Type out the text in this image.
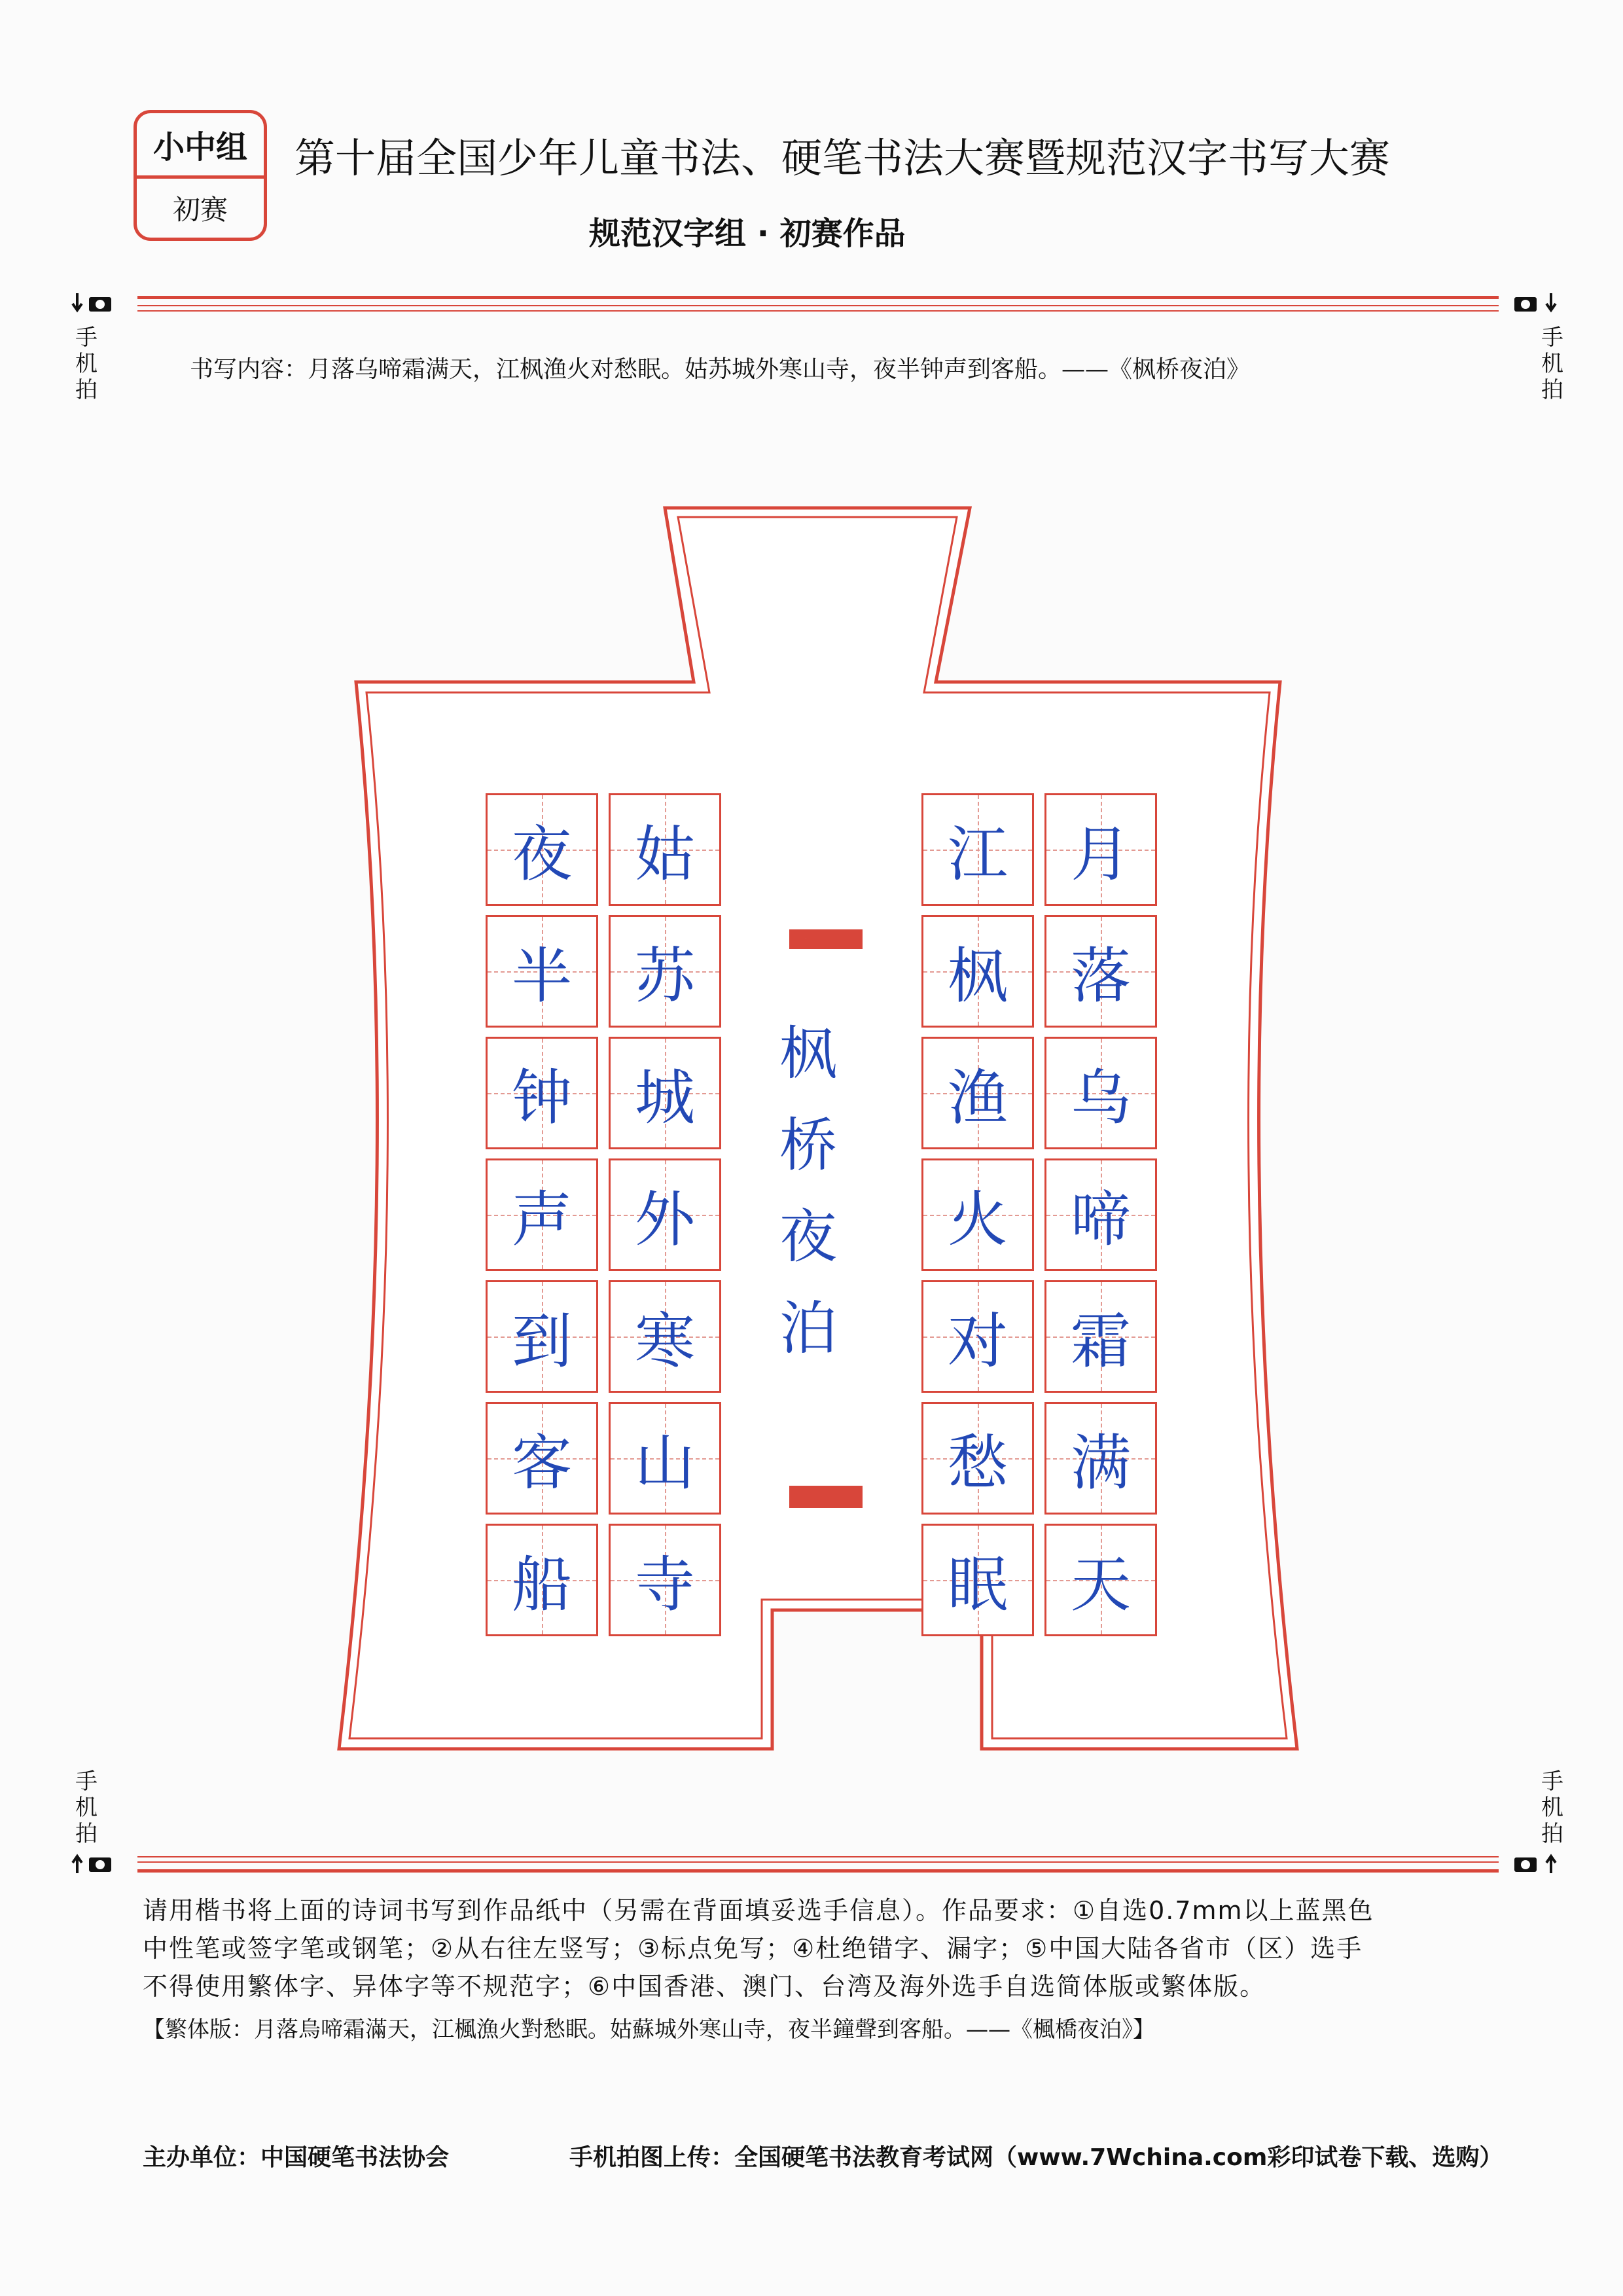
小中组
初赛
第十届全国少年儿童书法、硬笔书法大赛暨规范汉字书写大赛
规范汉字组 · 初赛作品
手
机
拍
手
机
拍
书写内容：月落乌啼霜满天，江枫渔火对愁眠。姑苏城外寒山寺，夜半钟声到客船。——《枫桥夜泊》
月
落
乌
啼
霜
满
天
江
枫
渔
火
对
愁
眠
姑
苏
城
外
寒
山
寺
夜
半
钟
声
到
客
船
枫
桥
夜
泊
手
机
拍
手
机
拍
请用楷书将上面的诗词书写到作品纸中（另需在背面填妥选手信息）。作品要求：①自选0.7mm以上蓝黑色
中性笔或签字笔或钢笔；②从右往左竖写；③标点免写；④杜绝错字、漏字；⑤中国大陆各省市（区）选手
不得使用繁体字、异体字等不规范字；⑥中国香港、澳门、台湾及海外选手自选简体版或繁体版。
【繁体版：月落烏啼霜滿天，江楓漁火對愁眠。姑蘇城外寒山寺，夜半鐘聲到客船。——《楓橋夜泊》】
主办单位：中国硬笔书法协会	手机拍图上传：全国硬笔书法教育考试网（www.7Wchina.com彩印试卷下载、选购）
